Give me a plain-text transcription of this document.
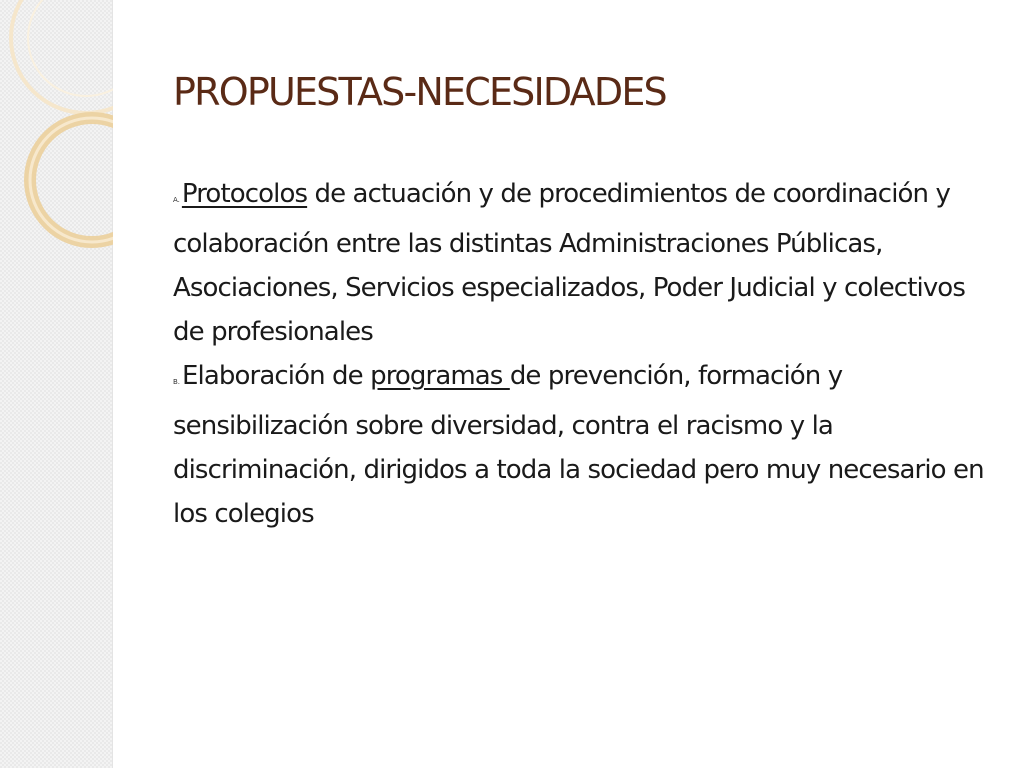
PROPUESTAS-NECESIDADES

A.Protocolos de actuación y de procedimientos de coordinación y colaboración entre las distintas Administraciones Públicas, Asociaciones, Servicios especializados, Poder Judicial y colectivos de profesionales

B.Elaboración de programas de prevención, formación y sensibilización sobre diversidad, contra el racismo y la discriminación, dirigidos a toda la sociedad pero muy necesario en los colegios
